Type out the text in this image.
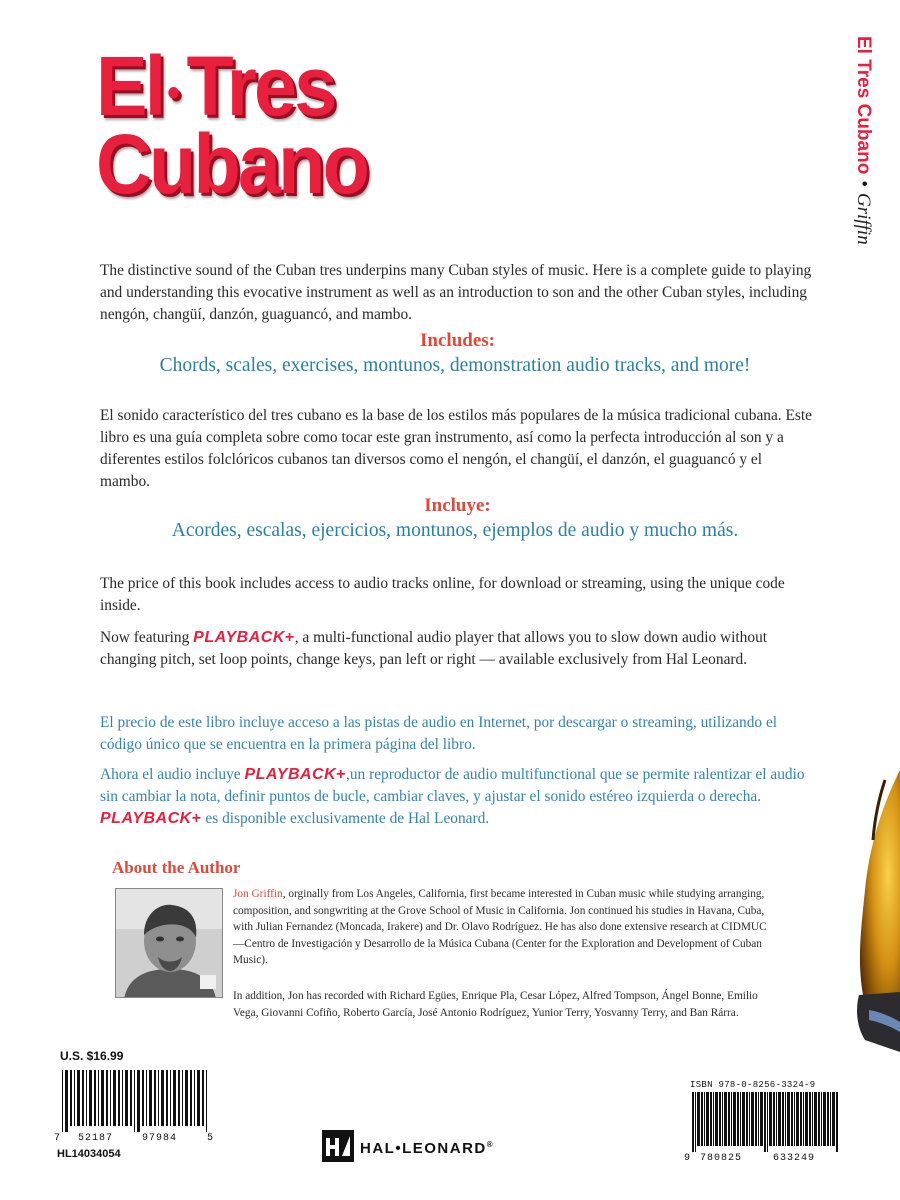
El• Tres
Cubano	El Tres Cubano•Griffin
The distinctive sound of the Cuban tres underpins many Cuban styles of music. Here is a complete guide to playing and understanding this evocative instrument as well as an introduction to son and the other Cuban styles, including nengón, changüí, danzón, guaguancó, and mambo.
Includes:
Chords, scales, exercises, montunos, demonstration audio tracks, and more!
El sonido característico del tres cubano es la base de los estilos más populares de la música tradicional cubana. Este libro es una guía completa sobre como tocar este gran instrumento, así como la perfecta introducción al son y a diferentes estilos folclóricos cubanos tan diversos como el nengón, el changüí, el danzón, el guaguancó y el mambo.
Incluye:
Acordes, escalas, ejercicios, montunos, ejemplos de audio y mucho más.
The price of this book includes access to audio tracks online, for download or streaming, using the unique code inside.
Now featuring PLAYBACK+, a multi-functional audio player that allows you to slow down audio without changing pitch, set loop points, change keys, pan left or right — available exclusively from Hal Leonard.
El precio de este libro incluye acceso a las pistas de audio en Internet, por descargar o streaming, utilizando el código único que se encuentra en la primera página del libro.
Ahora el audio incluye PLAYBACK+,un reproductor de audio multifunctional que se permite ralentizar el audio sin cambiar la nota, definir puntos de bucle, cambiar claves, y ajustar el sonido estéreo izquierda o derecha. PLAYBACK+ es disponible exclusivamente de Hal Leonard.
About the Author
Jon Griffin, orginally from Los Angeles, California, first became interested in Cuban music while studying arranging, composition, and songwriting at the Grove School of Music in California. Jon continued his studies in Havana, Cuba, with Julian Fernandez (Moncada, Irakere) and Dr. Olavo Rodríguez. He has also done extensive research at CIDMUC—Centro de Investigación y Desarrollo de la Música Cubana (Center for the Exploration and Development of Cuban Music).
In addition, Jon has recorded with Richard Egües, Enrique Pla, Cesar López, Alfred Tompson, Ángel Bonne, Emilio Vega, Giovanni Cofiño, Roberto García, José Antonio Rodríguez, Yunior Terry, Yosvanny Terry, and Ban Rárra.
U.S. $16.99
7 52187	97984	5
HL14034054	HAL•LEONARD®
ISBN 978-0-8256-3324-9
9 780825	633249
